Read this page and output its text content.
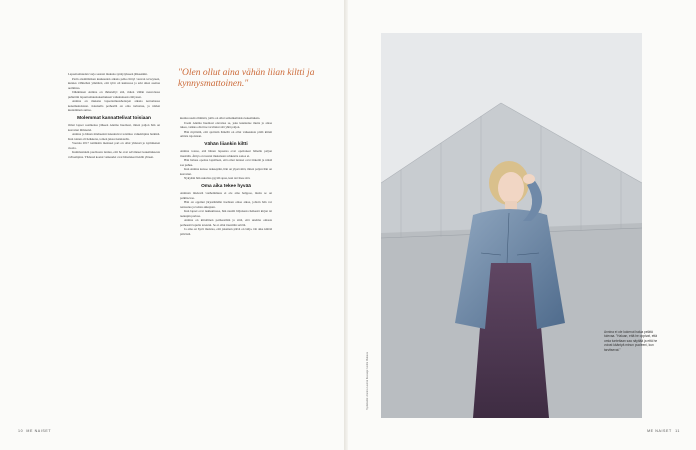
Lapsettomuuden varjo seurasi mukana synnytykseen jälkeenkin.

Parin ensimmäisen kuukauden aikana pelko liittyi vauvan terveyteen, kunnes vähitellen ymmärsi, että tytär oli kunnossa ja arki alkoi asettua uomiinsa.

Jälkikäteen Annina on ihmetellyt sitä, miten vähän neuvolassa puhuttiin lapsettomuuskokemuksen vaikutuksesta äitiyteen.

Annina on mukana lapsettomuushoitojen aikana kertomassa kokemuksistaan. Jokaisella perheellä on oma tarinansa, ja niiden kuuleminen auttaa.

Molemmat kannattelivat toisiaan

Omat lapset saamiensa jälkeen Annina huomasi, miten paljon hän on kasvanut ihmisenä.

Annina ja hänen mieheensä tukeutuivat toisiinsa vaikeimpina hetkinä. Kun toinen oli heikkona, toinen jaksoi kannatella.

Vuonna 2017 naimisiin menneet pari on ollut yhdessä jo kymmenen vuotta.

Kummastakin puolisosta tuntuu, että he ovat selvinneet kokemuksesta vahvempina. Yhdessä koetut vaikeudet ovat hitsanneet heidät yhteen.

"Olen ollut aina vähän liian kiltti ja kynnysmattoinen."

kuuluu useita ihmisiä, joilla on ollut samankaltaisia kokemuksia.

Usein Annina huomasi olevansa se, joka kuuntelee muita ja antaa tukea, vaikka olisi itse tarvinnut sitä yhtä paljon.

Hän myöntää, että ajoittain hänellä on ollut vaikeuksia pitää kiinni omista rajoistaan.

Vähän liiankin kiltti

Annina toteaa, että hänen lapsensa ovat opettaneet hänelle paljon itsestään. Äitiys on tuonut mukanaan rohkeutta sanoa ei.

Hän haluaa opettaa lapsilleen, että omat tunteet ovat tärkeitä ja niistä saa puhua.

Kun Annina katsoo taaksepäin, hän on ylpeä siitä, miten paljon hän on kasvanut.

Nykyään hän uskaltaa pyytää apua, kun tarvitsee sitä.

Oma aika tekee hyvää

Anninan mielestä vanhemmuus ei ole aina helppoa, mutta se on palkitsevaa.

Hän on oppinut järjestämään itselleen omaa aikaa, jolloin hän voi rentoutua ja ladata akkujaan.

Kun lapset ovat nukkumassa, hän nauttii hiljaisesta hetkestä kirjan tai teekupin parissa.

Annina on kiitollinen perheestään ja siitä, että unelma omasta perheestä lopulta toteutui. Se ei ollut itsestään selvää.

Ja aina on hyvä muistaa, että jokainen päivä on lahja. On aika kiittää päivästä.

Sydämellä: Annina Lauttal Kuvaaja: Helmi Mukava
Annina ei ole kokenut halua pelätä tulevaa. "Haluan, että he oppivat, että omia tunteitaan saa näyttää ja että he voivat kääntyä minun puoleeni, kun tarvitsevat."
10 ME NAISET	ME NAISET 11
